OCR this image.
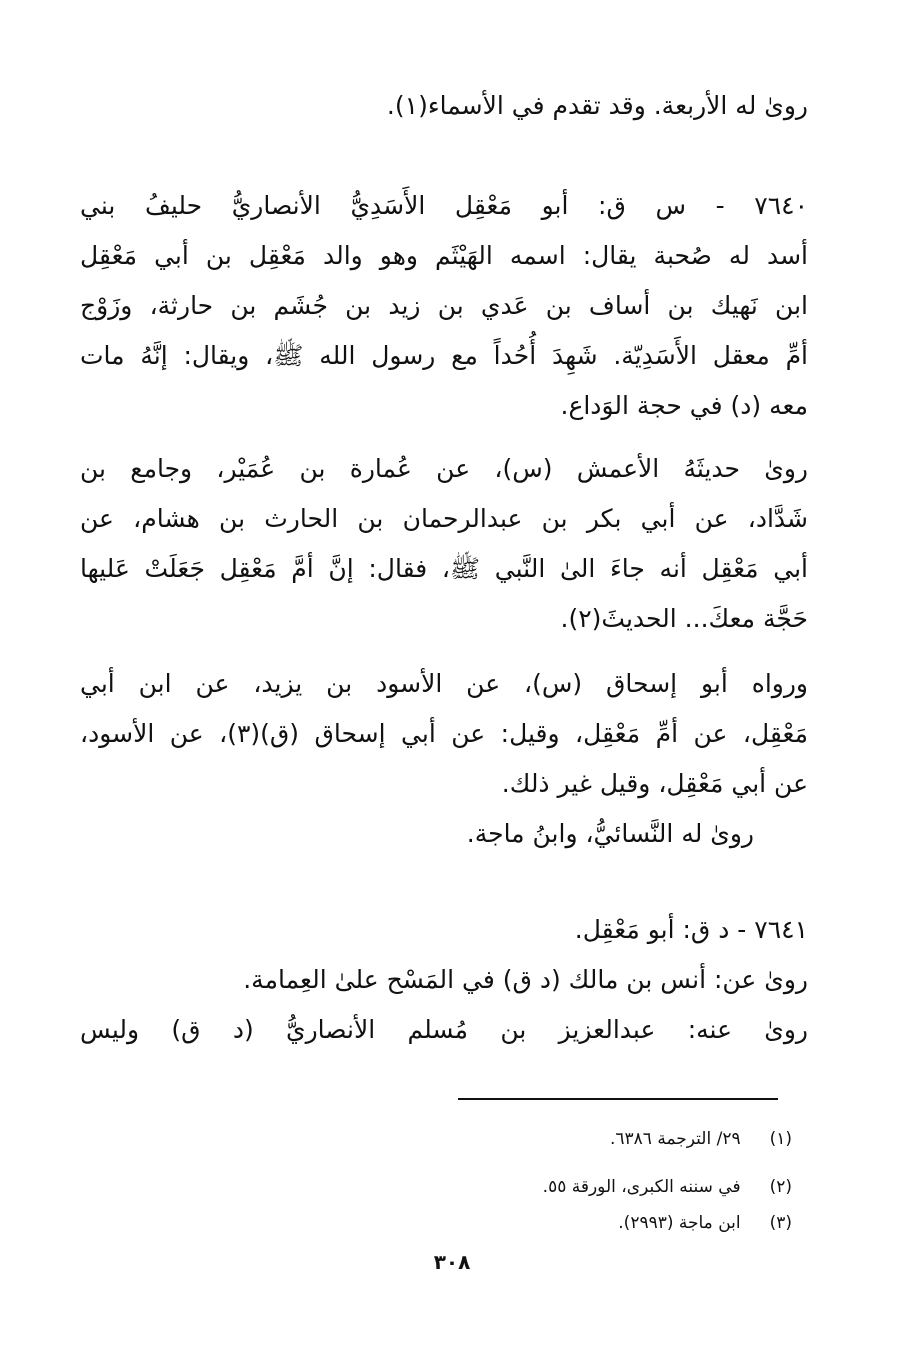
رویٰ له الأربعة. وقد تقدم في الأسماء(١).
٧٦٤٠ - س ق: أبو مَعْقِل الأَسَدِيُّ الأنصاريُّ حليفُ بني
أسد له صُحبة يقال: اسمه الهَيْثَم وهو والد مَعْقِل بن أبي مَعْقِل
ابن نَهيك بن أساف بن عَدي بن زيد بن جُشَم بن حارثة، وزَوْج
أمِّ معقل الأَسَدِيّة. شَهِدَ أُحُداً مع رسول الله ﷺ، ويقال: إنَّهُ مات
معه (د) في حجة الوَداع.
رویٰ حديثَهُ الأعمش (س)، عن عُمارة بن عُمَيْر، وجامع بن
شَدَّاد، عن أبي بكر بن عبدالرحمان بن الحارث بن هشام، عن
أبي مَعْقِل أنه جاءَ الیٰ النَّبي ﷺ، فقال: إنَّ أمَّ مَعْقِل جَعَلَتْ عَليها
حَجَّة معكَ... الحديثَ(٢).
ورواه أبو إسحاق (س)، عن الأسود بن يزيد، عن ابن أبي
مَعْقِل، عن أمِّ مَعْقِل، وقيل: عن أبي إسحاق (ق)(٣)، عن الأسود،
عن أبي مَعْقِل، وقيل غير ذلك.
رویٰ له النَّسائيُّ، وابنُ ماجة.
٧٦٤١ - د ق: أبو مَعْقِل.
رویٰ عن: أنس بن مالك (د ق) في المَسْح علیٰ العِمامة.
رویٰ عنه: عبدالعزيز بن مُسلم الأنصاريُّ (د ق) وليس
(١) ٢٩/ الترجمة ٦٣٨٦.
(٢) في سننه الكبرى، الورقة ٥٥.
(٣) ابن ماجة (٢٩٩٣).
٣٠٨
